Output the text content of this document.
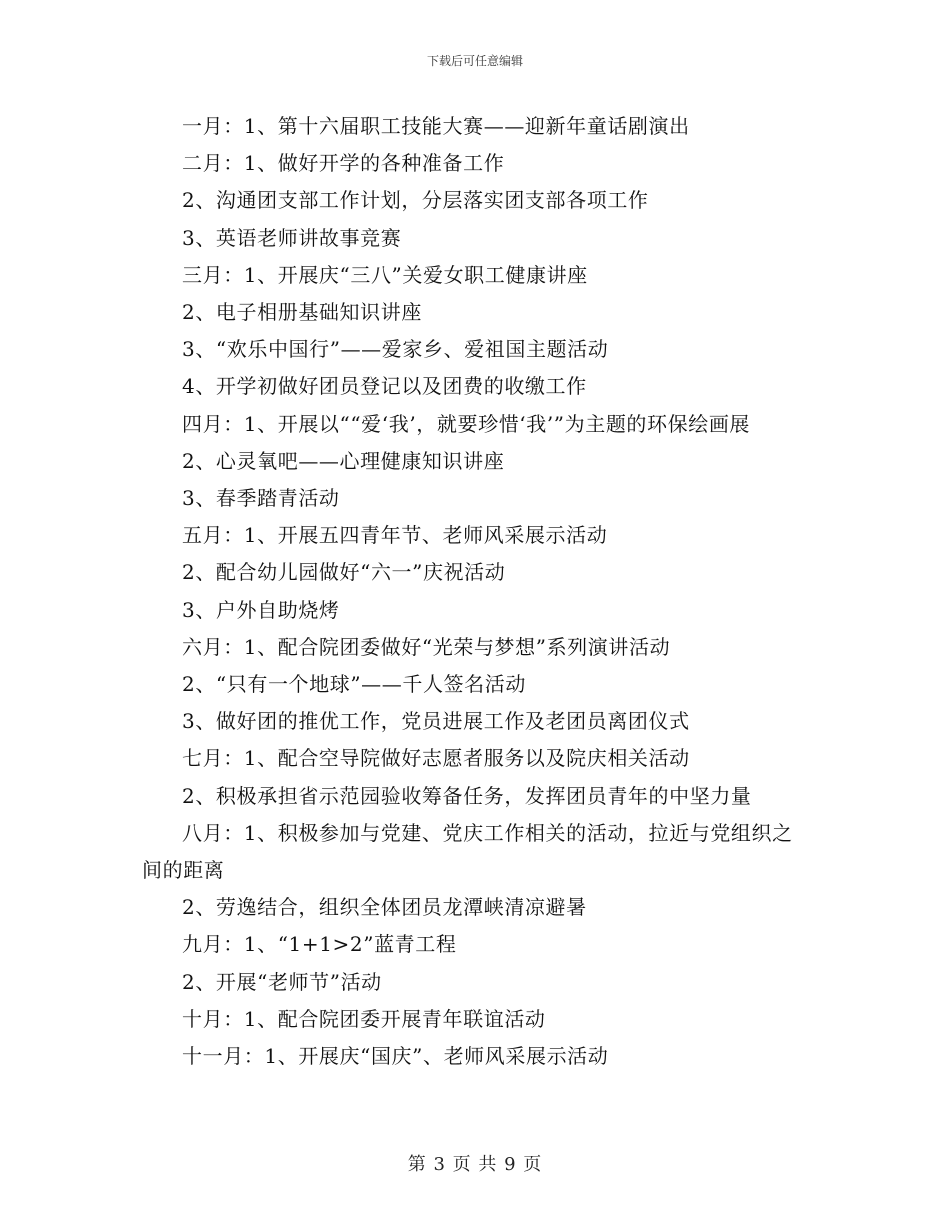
下载后可任意编辑
一月：1、第十六届职工技能大赛——迎新年童话剧演出
二月：1、做好开学的各种准备工作
2、沟通团支部工作计划，分层落实团支部各项工作
3、英语老师讲故事竞赛
三月：1、开展庆“三八”关爱女职工健康讲座
2、电子相册基础知识讲座
3、“欢乐中国行”——爱家乡、爱祖国主题活动
4、开学初做好团员登记以及团费的收缴工作
四月：1、开展以““爱‘我’，就要珍惜‘我’”为主题的环保绘画展
2、心灵氧吧——心理健康知识讲座
3、春季踏青活动
五月：1、开展五四青年节、老师风采展示活动
2、配合幼儿园做好“六一”庆祝活动
3、户外自助烧烤
六月：1、配合院团委做好“光荣与梦想”系列演讲活动
2、“只有一个地球”——千人签名活动
3、做好团的推优工作，党员进展工作及老团员离团仪式
七月：1、配合空导院做好志愿者服务以及院庆相关活动
2、积极承担省示范园验收筹备任务，发挥团员青年的中坚力量
八月：1、积极参加与党建、党庆工作相关的活动，拉近与党组织之间的距离
2、劳逸结合，组织全体团员龙潭峡清凉避暑
九月：1、“1+1>2”蓝青工程
2、开展“老师节”活动
十月：1、配合院团委开展青年联谊活动
十一月：1、开展庆“国庆”、老师风采展示活动
第 3 页 共 9 页
